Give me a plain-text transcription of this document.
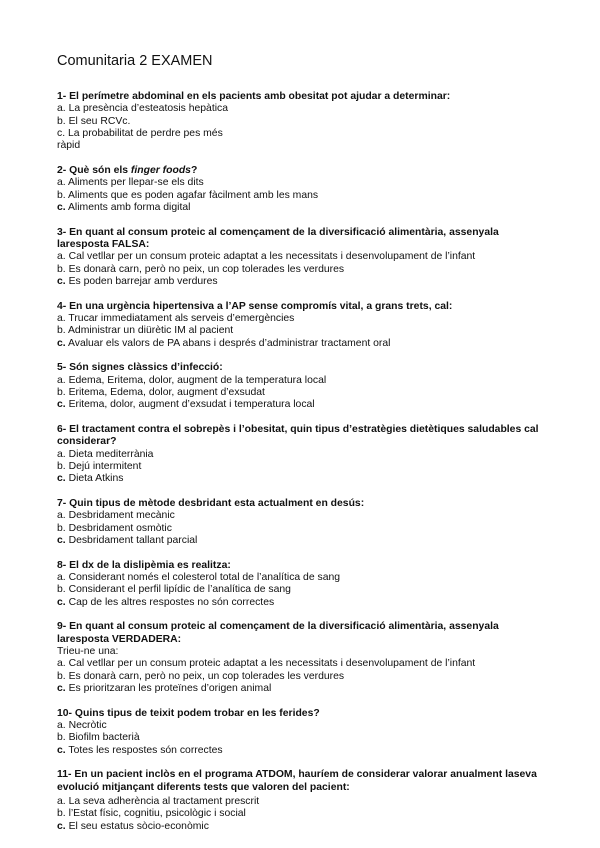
Comunitaria 2 EXAMEN

1- El perímetre abdominal en els pacients amb obesitat pot ajudar a determinar:

a. La presència d’esteatosis hepàtica

b. El seu RCVc.

c. La probabilitat de perdre pes més ràpid

2- Què són els finger foods?

a. Aliments per llepar-se els dits

b. Aliments que es poden agafar fàcilment amb les mans

c. Aliments amb forma digital

3- En quant al consum proteic al començament de la diversificació alimentària, assenyala laresposta FALSA:

a. Cal vetllar per un consum proteic adaptat a les necessitats i desenvolupament de l’infant

b. Es donarà carn, però no peix, un cop tolerades les verdures

c. Es poden barrejar amb verdures

4- En una urgència hipertensiva a l’AP sense compromís vital, a grans trets, cal:

a. Trucar immediatament als serveis d’emergències

b. Administrar un diürètic IM al pacient

c. Avaluar els valors de PA abans i després d’administrar tractament oral

5- Són signes clàssics d’infecció:

a. Edema, Eritema, dolor, augment de la temperatura local

b. Eritema, Edema, dolor, augment d’exsudat

c. Eritema, dolor, augment d’exsudat i temperatura local

6- El tractament contra el sobrepès i l’obesitat, quin tipus d’estratègies dietètiques saludables cal considerar?

a. Dieta mediterrània

b. Dejú intermitent

c. Dieta Atkins

7- Quin tipus de mètode desbridant esta actualment en desús:

a. Desbridament mecànic

b. Desbridament osmòtic

c. Desbridament tallant parcial

8- El dx de la dislipèmia es realitza:

a. Considerant només el colesterol total de l’analítica de sang

b. Considerant el perfil lipídic de l’analítica de sang

c. Cap de les altres respostes no són correctes

9- En quant al consum proteic al començament de la diversificació alimentària, assenyala laresposta VERDADERA:

Trieu-ne una:

a. Cal vetllar per un consum proteic adaptat a les necessitats i desenvolupament de l’infant

b. Es donarà carn, però no peix, un cop tolerades les verdures

c. Es prioritzaran les proteïnes d’origen animal

10- Quins tipus de teixit podem trobar en les ferides?

a. Necròtic

b. Biofilm bacterià

c. Totes les respostes són correctes

11- En un pacient inclòs en el programa ATDOM, hauríem de considerar valorar anualment laseva evolució mitjançant diferents tests que valoren del pacient:

a. La seva adherència al tractament prescrit

b. l’Estat físic, cognitiu, psicològic i social

c. El seu estatus sòcio-econòmic
